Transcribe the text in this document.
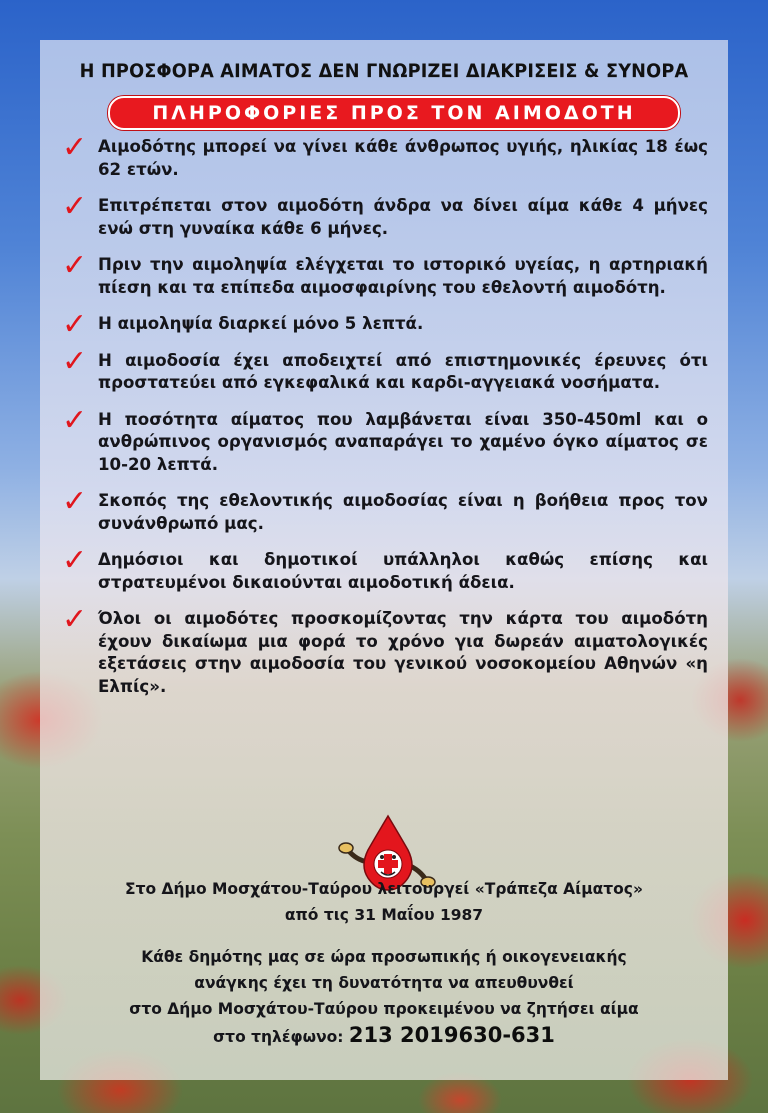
Η ΠΡΟΣΦΟΡΑ ΑΙΜΑΤΟΣ ΔΕΝ ΓΝΩΡΙΖΕΙ ΔΙΑΚΡΙΣΕΙΣ & ΣΥΝΟΡΑ
ΠΛΗΡΟΦΟΡΙΕΣ ΠΡΟΣ ΤΟΝ ΑΙΜΟΔΟΤΗ
✓ Αιμοδότης μπορεί να γίνει κάθε άνθρωπος υγιής, ηλικίας 18 έως 62 ετών.
✓ Επιτρέπεται στον αιμοδότη άνδρα να δίνει αίμα κάθε 4 μήνες ενώ στη γυναίκα κάθε 6 μήνες.
✓ Πριν την αιμοληψία ελέγχεται το ιστορικό υγείας, η αρτηριακή πίεση και τα επίπεδα αιμοσφαιρίνης του εθελοντή αιμοδότη.
✓ Η αιμοληψία διαρκεί μόνο 5 λεπτά.
✓ Η αιμοδοσία έχει αποδειχτεί από επιστημονικές έρευνες ότι προστατεύει από εγκεφαλικά και καρδι-αγγειακά νοσήματα.
✓ Η ποσότητα αίματος που λαμβάνεται είναι 350-450ml και ο ανθρώπινος οργανισμός αναπαράγει το χαμένο όγκο αίματος σε 10-20 λεπτά.
✓ Σκοπός της εθελοντικής αιμοδοσίας είναι η βοήθεια προς τον συνάνθρωπό μας.
✓ Δημόσιοι και δημοτικοί υπάλληλοι καθώς επίσης και στρατευμένοι δικαιούνται αιμοδοτική άδεια.
✓ Όλοι οι αιμοδότες προσκομίζοντας την κάρτα του αιμοδότη έχουν δικαίωμα μια φορά το χρόνο για δωρεάν αιματολογικές εξετάσεις στην αιμοδοσία του γενικού νοσοκομείου Αθηνών «η Ελπίς».
Στο Δήμο Μοσχάτου-Ταύρου λειτουργεί «Τράπεζα Αίματος»
από τις 31 Μαΐου 1987
Κάθε δημότης μας σε ώρα προσωπικής ή οικογενειακής
ανάγκης έχει τη δυνατότητα να απευθυνθεί
στο Δήμο Μοσχάτου-Ταύρου προκειμένου να ζητήσει αίμα
στο τηλέφωνο: 213 2019630-631
